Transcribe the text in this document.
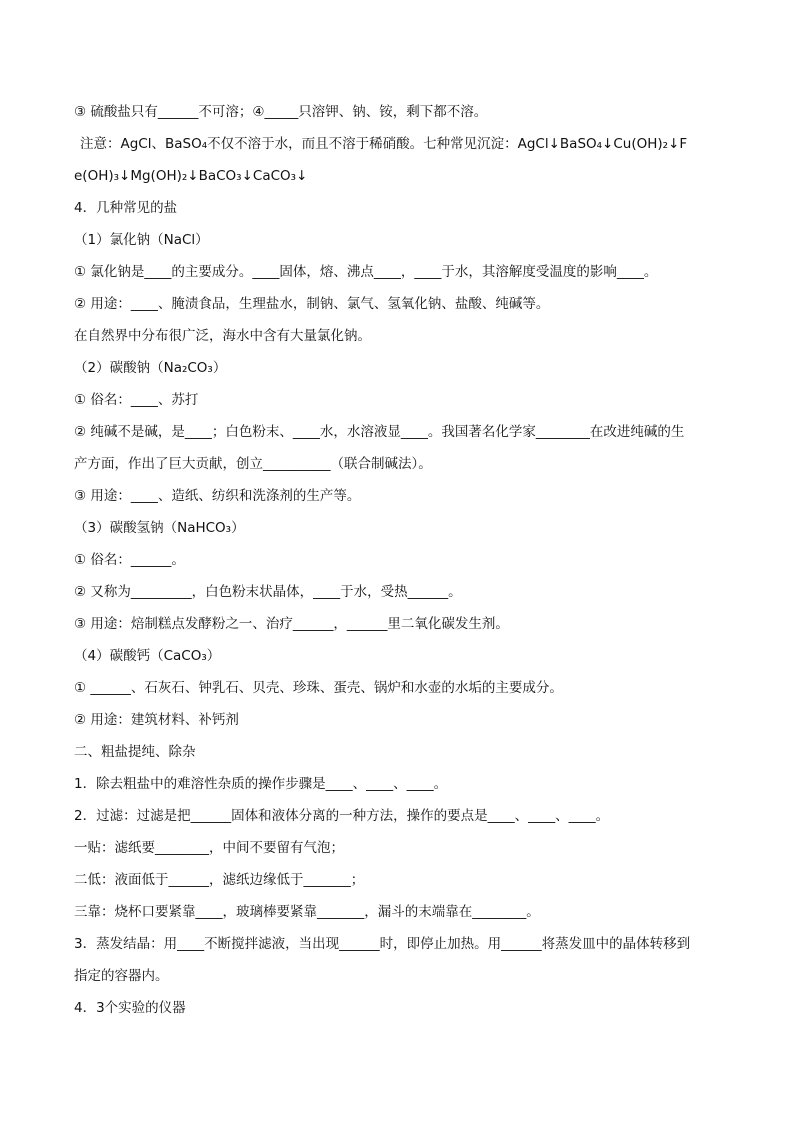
③ 硫酸盐只有______不可溶；④_____只溶钾、钠、铵，剩下都不溶。
注意：AgCl、BaSO₄不仅不溶于水，而且不溶于稀硝酸。七种常见沉淀：AgCl↓BaSO₄↓Cu(OH)₂↓F
e(OH)₃↓Mg(OH)₂↓BaCO₃↓CaCO₃↓
4．几种常见的盐
（1）氯化钠（NaCl）
① 氯化钠是____的主要成分。____固体，熔、沸点____，____于水，其溶解度受温度的影响____。
② 用途：____、腌渍食品，生理盐水，制钠、氯气、氢氧化钠、盐酸、纯碱等。
在自然界中分布很广泛，海水中含有大量氯化钠。
（2）碳酸钠（Na₂CO₃）
① 俗名：____、苏打
② 纯碱不是碱，是____；白色粉末、____水，水溶液显____。我国著名化学家________在改进纯碱的生
产方面，作出了巨大贡献，创立__________（联合制碱法）。
③ 用途：____、造纸、纺织和洗涤剂的生产等。
（3）碳酸氢钠（NaHCO₃）
① 俗名：______。
② 又称为_________，白色粉末状晶体，____于水，受热______。
③ 用途：焙制糕点发酵粉之一、治疗______，______里二氧化碳发生剂。
（4）碳酸钙（CaCO₃）
① ______、石灰石、钟乳石、贝壳、珍珠、蛋壳、锅炉和水壶的水垢的主要成分。
② 用途：建筑材料、补钙剂
二、粗盐提纯、除杂
1．除去粗盐中的难溶性杂质的操作步骤是____、____、____。
2．过滤：过滤是把______固体和液体分离的一种方法，操作的要点是____、____、____。
一贴：滤纸要________，中间不要留有气泡；
二低：液面低于______，滤纸边缘低于_______；
三靠：烧杯口要紧靠____，玻璃棒要紧靠_______，漏斗的末端靠在________。
3．蒸发结晶：用____不断搅拌滤液，当出现______时，即停止加热。用______将蒸发皿中的晶体转移到
指定的容器内。
4．3个实验的仪器
